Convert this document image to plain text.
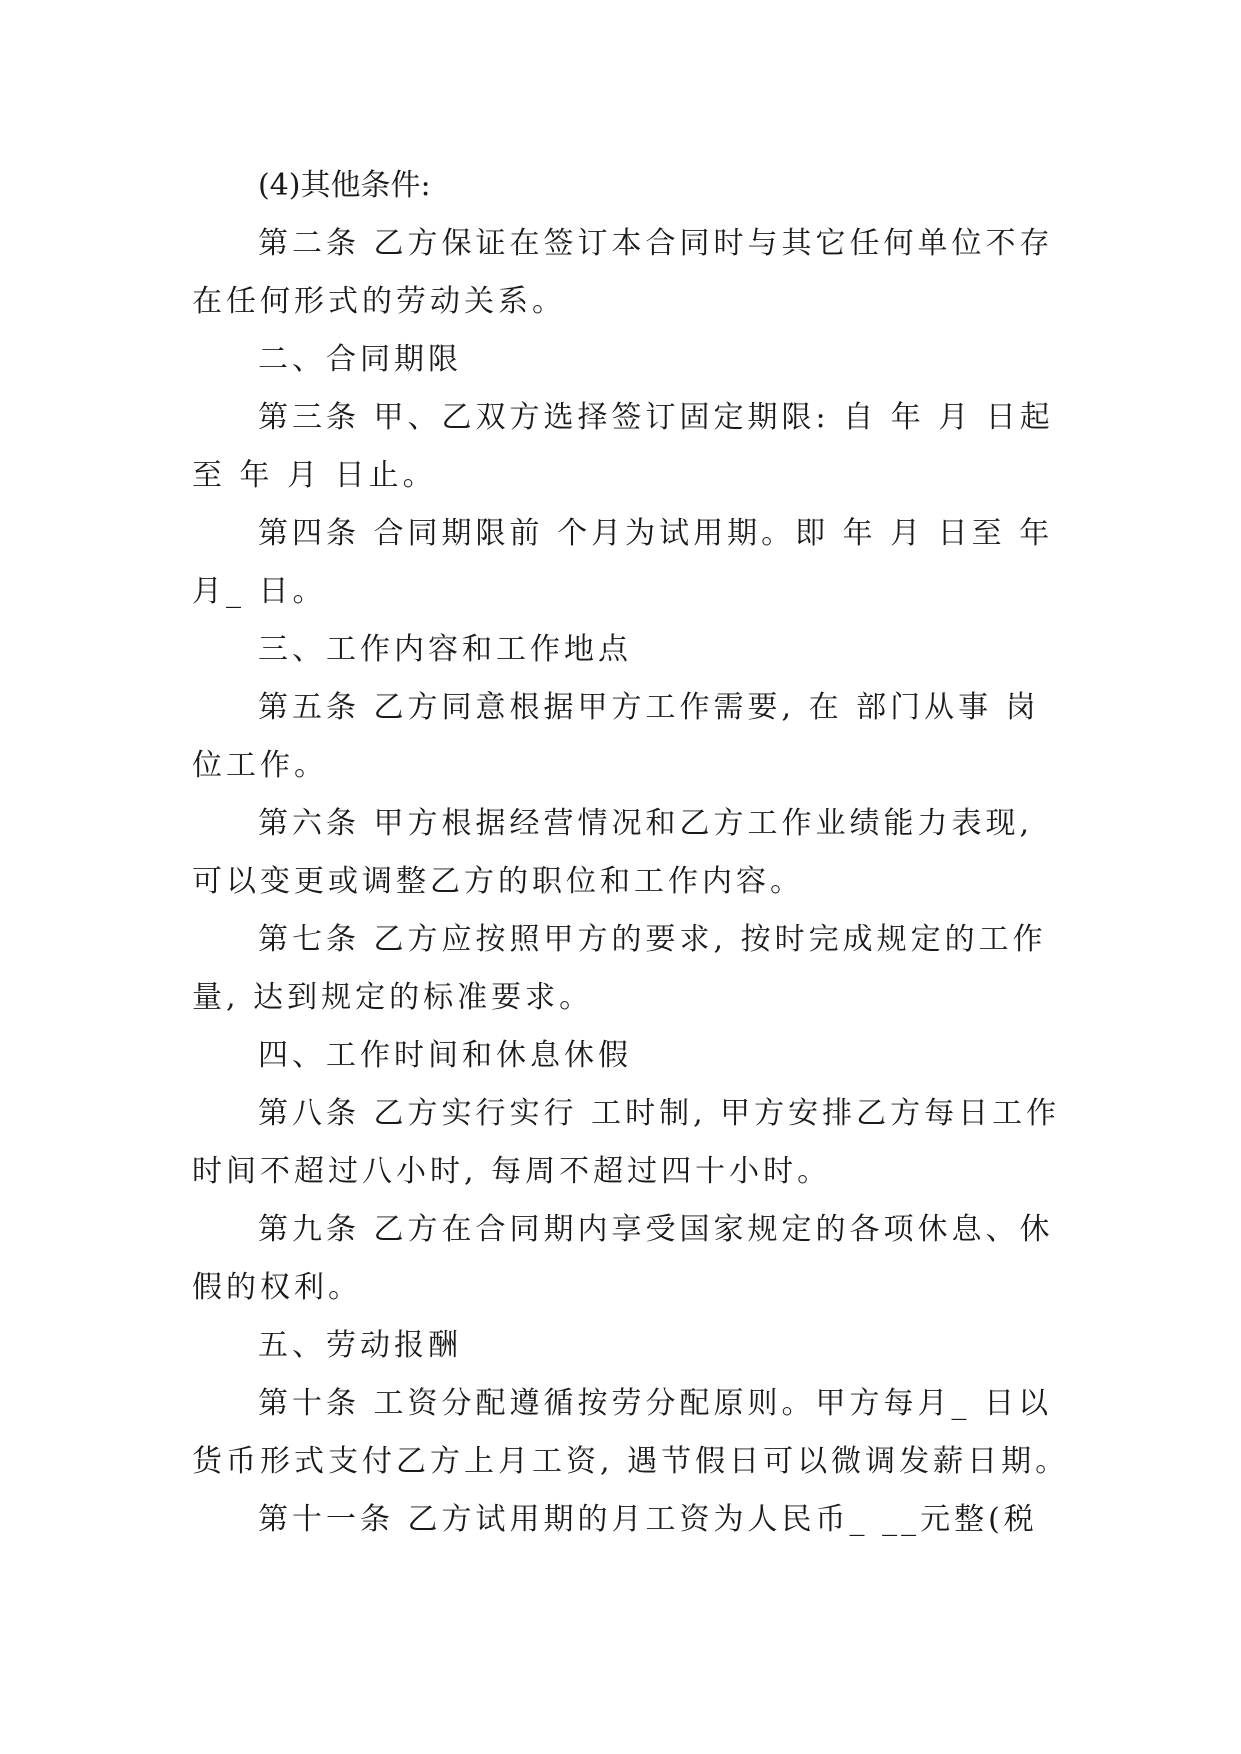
(4)其他条件:
第二条 乙方保证在签订本合同时与其它任何单位不存
在任何形式的劳动关系。
二、合同期限
第三条 甲、乙双方选择签订固定期限: 自 年 月 日起
至 年 月 日止。
第四条 合同期限前 个月为试用期。即 年 月 日至 年
月_ 日。
三、工作内容和工作地点
第五条 乙方同意根据甲方工作需要, 在 部门从事 岗
位工作。
第六条 甲方根据经营情况和乙方工作业绩能力表现,
可以变更或调整乙方的职位和工作内容。
第七条 乙方应按照甲方的要求, 按时完成规定的工作
量, 达到规定的标准要求。
四、工作时间和休息休假
第八条 乙方实行实行 工时制, 甲方安排乙方每日工作
时间不超过八小时, 每周不超过四十小时。
第九条 乙方在合同期内享受国家规定的各项休息、休
假的权利。
五、劳动报酬
第十条 工资分配遵循按劳分配原则。甲方每月_ 日以
货币形式支付乙方上月工资, 遇节假日可以微调发薪日期。
第十一条 乙方试用期的月工资为人民币_ __元整(税
